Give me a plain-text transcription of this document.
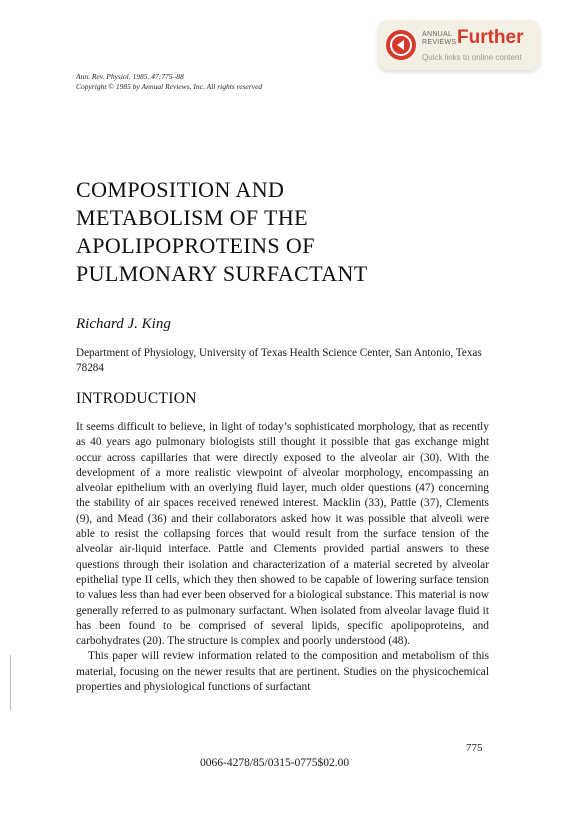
ANNUAL
REVIEWS Further
Quick links to online content
Ann. Rev. Physiol. 1985. 47:775–88
Copyright © 1985 by Annual Reviews, Inc. All rights reserved
COMPOSITION AND
METABOLISM OF THE
APOLIPOPROTEINS OF
PULMONARY SURFACTANT
Richard J. King
Department of Physiology, University of Texas Health Science Center, San Antonio, Texas 78284
INTRODUCTION

It seems difficult to believe, in light of today’s sophisticated morphology, that as recently as 40 years ago pulmonary biologists still thought it possible that gas exchange might occur across capillaries that were directly exposed to the alveolar air (30). With the development of a more realistic viewpoint of alveolar morphology, encompassing an alveolar epithelium with an overlying fluid layer, much older questions (47) concerning the stability of air spaces received renewed interest. Macklin (33), Pattle (37), Clements (9), and Mead (36) and their collaborators asked how it was possible that alveoli were able to resist the collapsing forces that would result from the surface tension of the alveolar air-liquid interface. Pattle and Clements provided partial answers to these questions through their isolation and characterization of a material secreted by alveolar epithelial type II cells, which they then showed to be capable of lowering surface tension to values less than had ever been observed for a biological substance. This material is now generally referred to as pulmonary surfactant. When isolated from alveolar lavage fluid it has been found to be comprised of several lipids, specific apolipoproteins, and carbohydrates (20). The structure is complex and poorly understood (48).

This paper will review information related to the composition and metabolism of this material, focusing on the newer results that are pertinent. Studies on the physicochemical properties and physiological functions of surfactant

775
0066-4278/85/0315-0775$02.00
